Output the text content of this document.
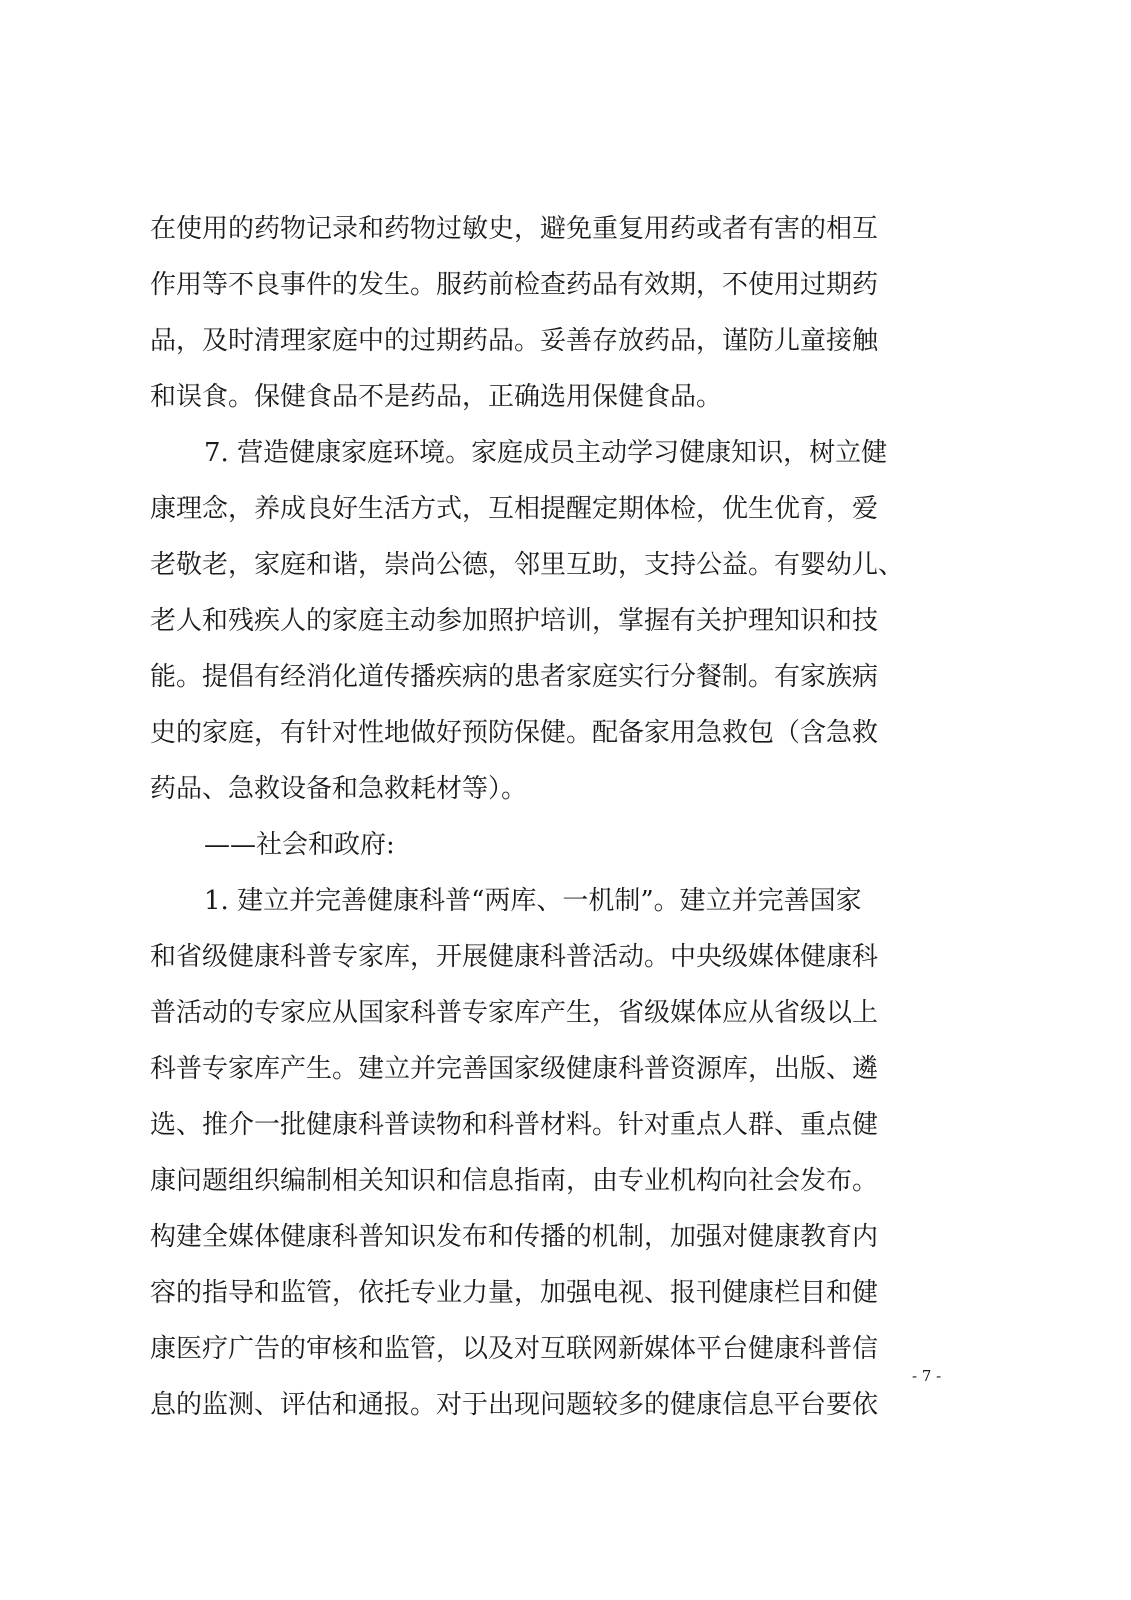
在使用的药物记录和药物过敏史，避免重复用药或者有害的相互
作用等不良事件的发生。服药前检查药品有效期，不使用过期药
品，及时清理家庭中的过期药品。妥善存放药品，谨防儿童接触
和误食。保健食品不是药品，正确选用保健食品。
7. 营造健康家庭环境。家庭成员主动学习健康知识，树立健
康理念，养成良好生活方式，互相提醒定期体检，优生优育，爱
老敬老，家庭和谐，崇尚公德，邻里互助，支持公益。有婴幼儿、
老人和残疾人的家庭主动参加照护培训，掌握有关护理知识和技
能。提倡有经消化道传播疾病的患者家庭实行分餐制。有家族病
史的家庭，有针对性地做好预防保健。配备家用急救包（含急救
药品、急救设备和急救耗材等）。
——社会和政府:
1. 建立并完善健康科普“两库、一机制”。建立并完善国家
和省级健康科普专家库，开展健康科普活动。中央级媒体健康科
普活动的专家应从国家科普专家库产生，省级媒体应从省级以上
科普专家库产生。建立并完善国家级健康科普资源库，出版、遴
选、推介一批健康科普读物和科普材料。针对重点人群、重点健
康问题组织编制相关知识和信息指南，由专业机构向社会发布。
构建全媒体健康科普知识发布和传播的机制，加强对健康教育内
容的指导和监管，依托专业力量，加强电视、报刊健康栏目和健
康医疗广告的审核和监管，以及对互联网新媒体平台健康科普信
息的监测、评估和通报。对于出现问题较多的健康信息平台要依
- 7 -
